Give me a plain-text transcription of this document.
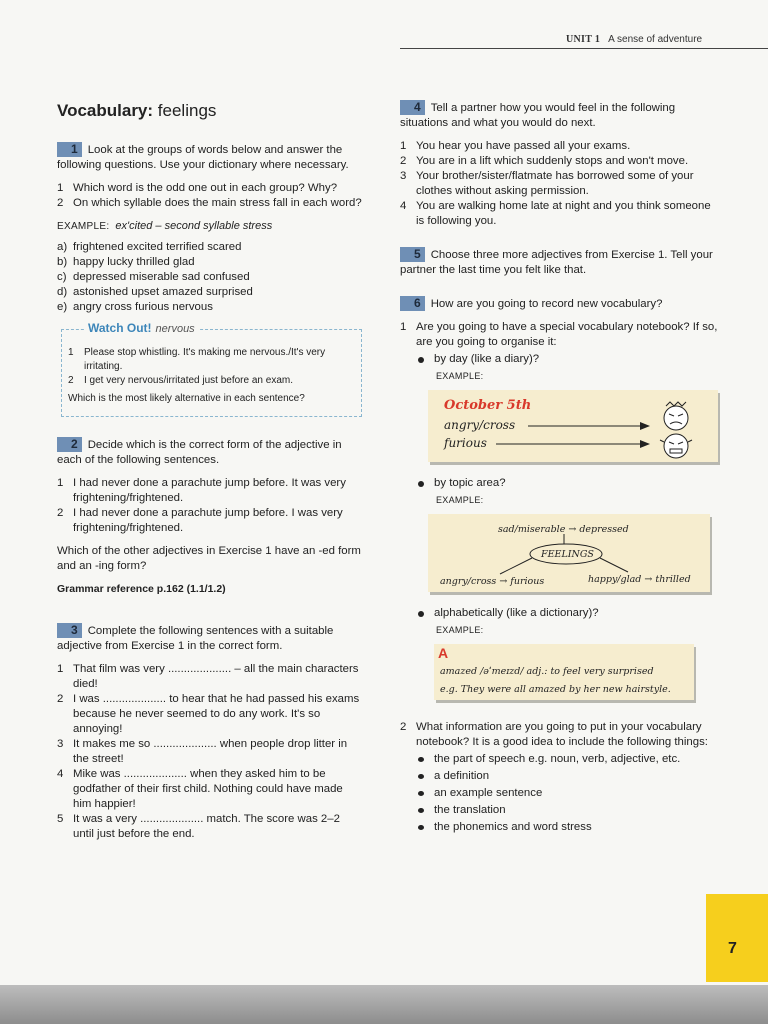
UNIT 1 A sense of adventure
Vocabulary: feelings
1 Look at the groups of words below and answer the following questions. Use your dictionary where necessary.
1 Which word is the odd one out in each group? Why?
2 On which syllable does the main stress fall in each word?
EXAMPLE: ex'cited – second syllable stress
a) frightened excited terrified scared
b) happy lucky thrilled glad
c) depressed miserable sad confused
d) astonished upset amazed surprised
e) angry cross furious nervous
Watch Out! nervous
1	Please stop whistling. It's making me nervous./It's very irritating.
2	I get very nervous/irritated just before an exam.
Which is the most likely alternative in each sentence?
2 Decide which is the correct form of the adjective in each of the following sentences.
1 I had never done a parachute jump before. It was very frightening/frightened.
2 I had never done a parachute jump before. I was very frightening/frightened.
Which of the other adjectives in Exercise 1 have an -ed form and an -ing form?
Grammar reference p.162 (1.1/1.2)
3 Complete the following sentences with a suitable adjective from Exercise 1 in the correct form.
1 That film was very .................... – all the main characters died!
2 I was .................... to hear that he had passed his exams because he never seemed to do any work. It's so annoying!
3 It makes me so .................... when people drop litter in the street!
4 Mike was .................... when they asked him to be godfather of their first child. Nothing could have made him happier!
5 It was a very .................... match. The score was 2–2 until just before the end.
4 Tell a partner how you would feel in the following situations and what you would do next.
1 You hear you have passed all your exams.
2 You are in a lift which suddenly stops and won't move.
3 Your brother/sister/flatmate has borrowed some of your clothes without asking permission.
4 You are walking home late at night and you think someone is following you.
5 Choose three more adjectives from Exercise 1. Tell your partner the last time you felt like that.
6 How are you going to record new vocabulary?
1 Are you going to have a special vocabulary notebook? If so, are you going to organise it:
by day (like a diary)?
EXAMPLE:
October 5th
angry/cross
furious
by topic area?
EXAMPLE:
sad/miserable → depressed
FEELINGS
angry/cross → furious	happy/glad → thrilled
alphabetically (like a dictionary)?
EXAMPLE:
A
amazed /əˈmeɪzd/ adj.: to feel very surprised
e.g. They were all amazed by her new hairstyle.
2 What information are you going to put in your vocabulary notebook? It is a good idea to include the following things:
the part of speech e.g. noun, verb, adjective, etc.
a definition
an example sentence
the translation
the phonemics and word stress
7
